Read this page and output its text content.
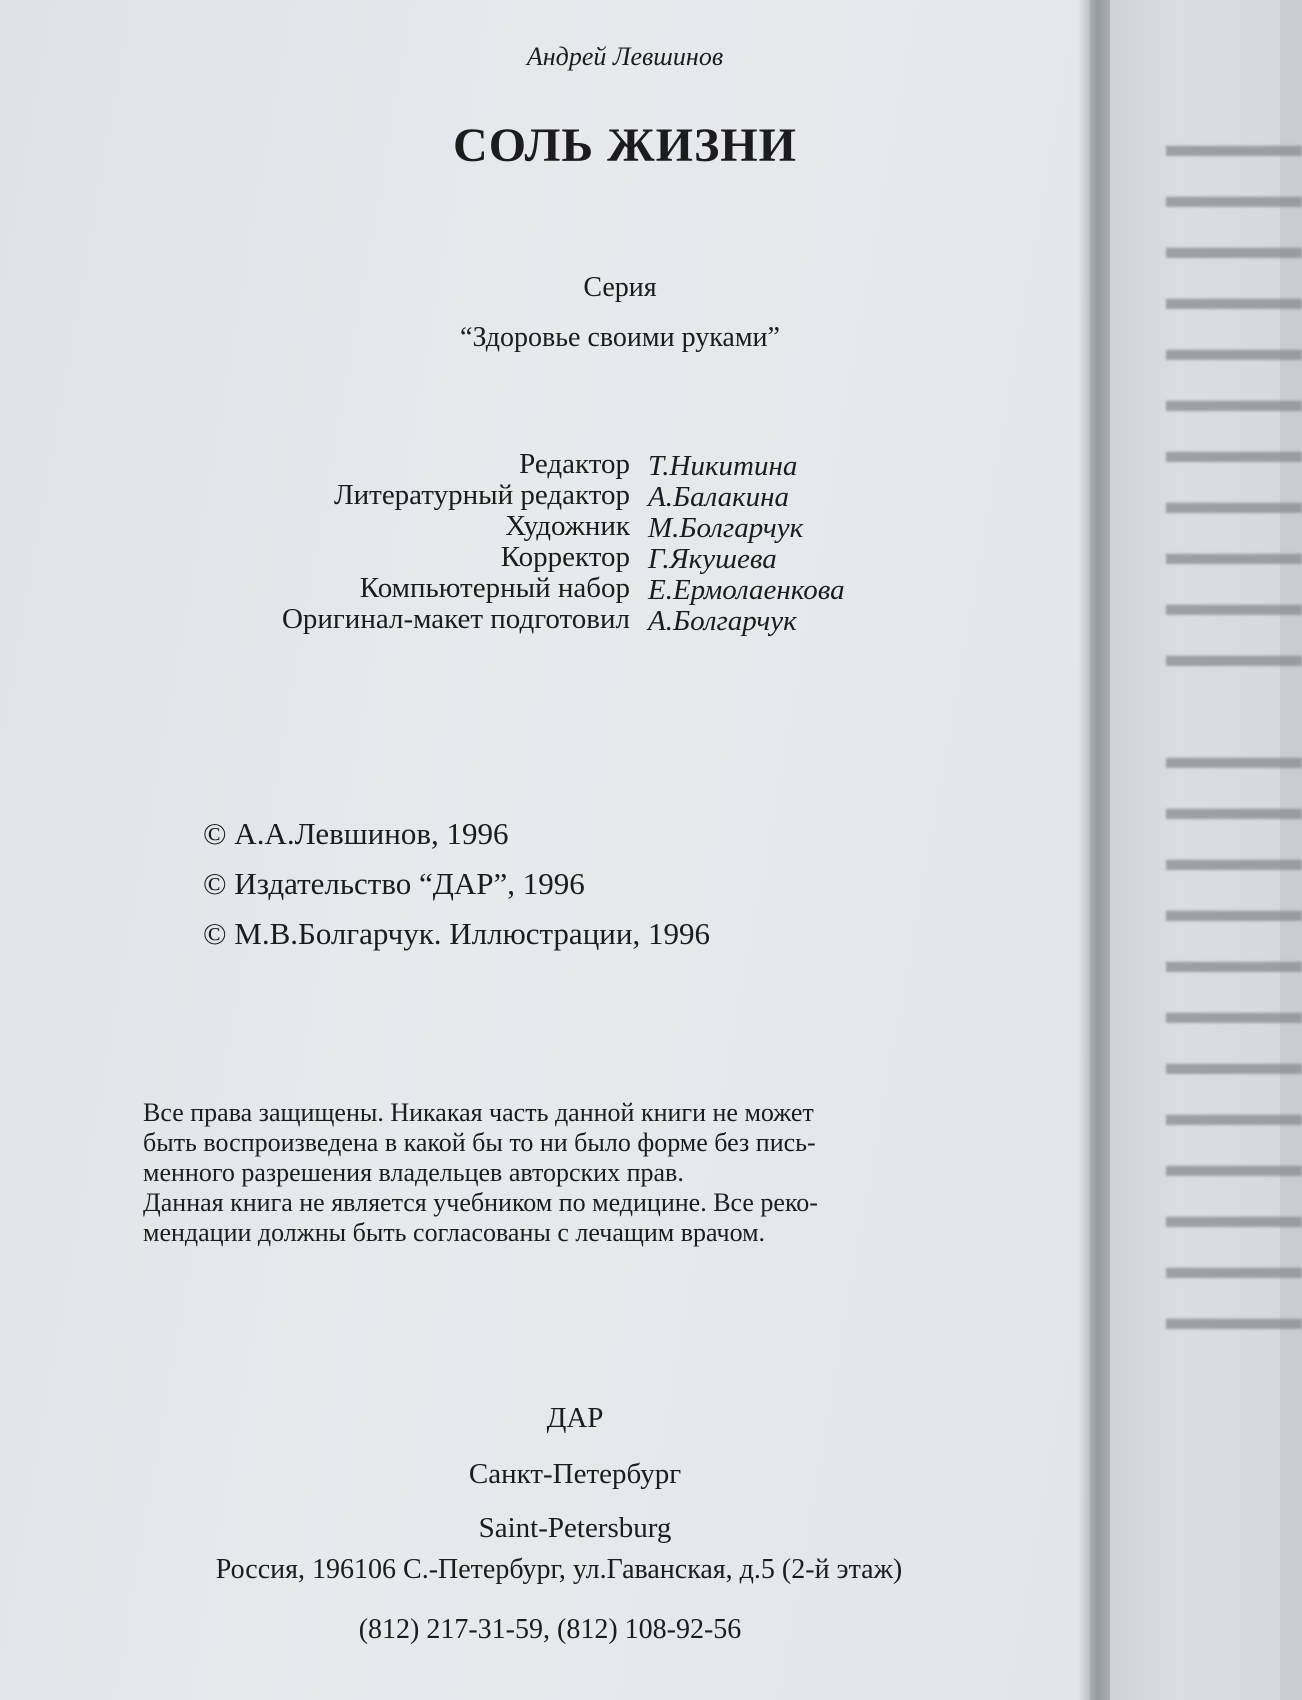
Андрей Левшинов
СОЛЬ ЖИЗНИ
Серия
“Здоровье своими руками”
Редактор Т.Никитина
Литературный редактор А.Балакина
Художник М.Болгарчук
Корректор Г.Якушева
Компьютерный набор Е.Ермолаенкова
Оригинал-макет подготовил А.Болгарчук
© А.А.Левшинов, 1996
© Издательство “ДАР”, 1996
© М.В.Болгарчук. Иллюстрации, 1996

Все права защищены. Никакая часть данной книги не может

быть воспроизведена в какой бы то ни было форме без пись-

менного разрешения владельцев авторских прав.

Данная книга не является учебником по медицине. Все реко-

мендации должны быть согласованы с лечащим врачом.

ДАР
Санкт-Петербург
Saint-Petersburg
Россия, 196106 С.-Петербург, ул.Гаванская, д.5 (2-й этаж)
(812) 217-31-59, (812) 108-92-56
▬▬▬▬
▬▬▬▬
▬▬▬▬
▬▬▬▬
▬▬▬▬
▬▬▬▬
▬▬▬▬
▬▬▬▬
▬▬▬▬
▬▬▬▬
▬▬▬▬

▬▬▬▬
▬▬▬▬
▬▬▬▬
▬▬▬▬
▬▬▬▬
▬▬▬▬
▬▬▬▬
▬▬▬▬
▬▬▬▬
▬▬▬▬
▬▬▬▬
▬▬▬▬
